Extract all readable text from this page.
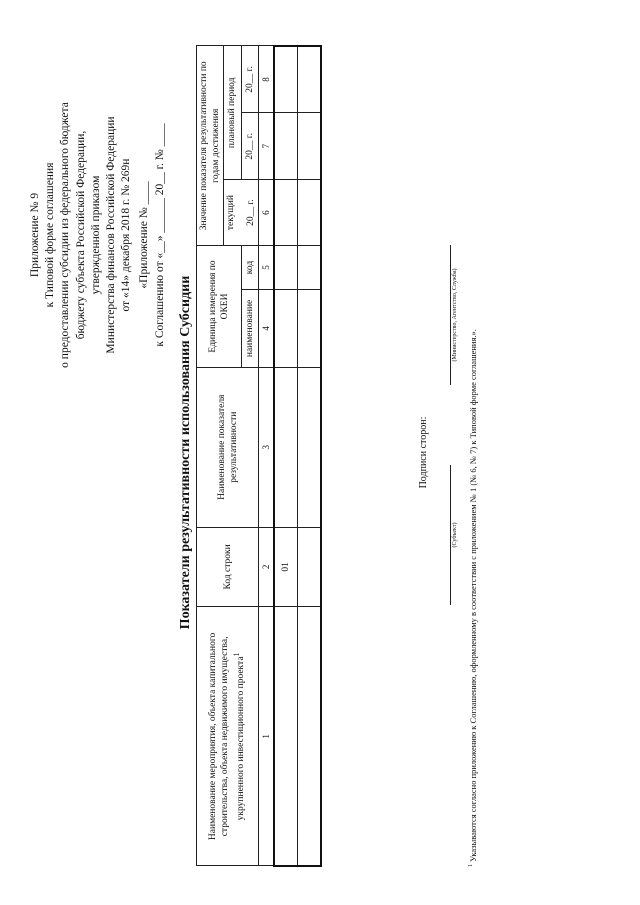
Приложение № 9 к Типовой форме соглашения о предоставлении субсидии из федерального бюджета бюджету субъекта Российской Федерации, утвержденной приказом Министерства финансов Российской Федерации от «14» декабря 2018 г. № 269н «Приложение № ____ к Соглашению от «__» ______ 20__ г. № ____
Показатели результативности использования Субсидии
Наименование мероприятия, объекта капитального строительства, объекта недвижимого имущества, укрупненного инвестиционного проекта$^1$	Код строки	Наименование показателя результативности	Единица измерения по ОКЕИ		Значение показателя результативности по годам достижения		

					текущий 20__ г.	плановый период	
			наименование	код		20__ г.	20__ г.
1	2	3	4	5	6	7	8
	01						

Подписи сторон:
(Субъект)
(Министерство, Агентство, Служба)
$^1$ Указываются согласно приложению к Соглашению, оформленному в соответствии с приложением № 1 (№ 6, № 7) к Типовой форме соглашения.».
